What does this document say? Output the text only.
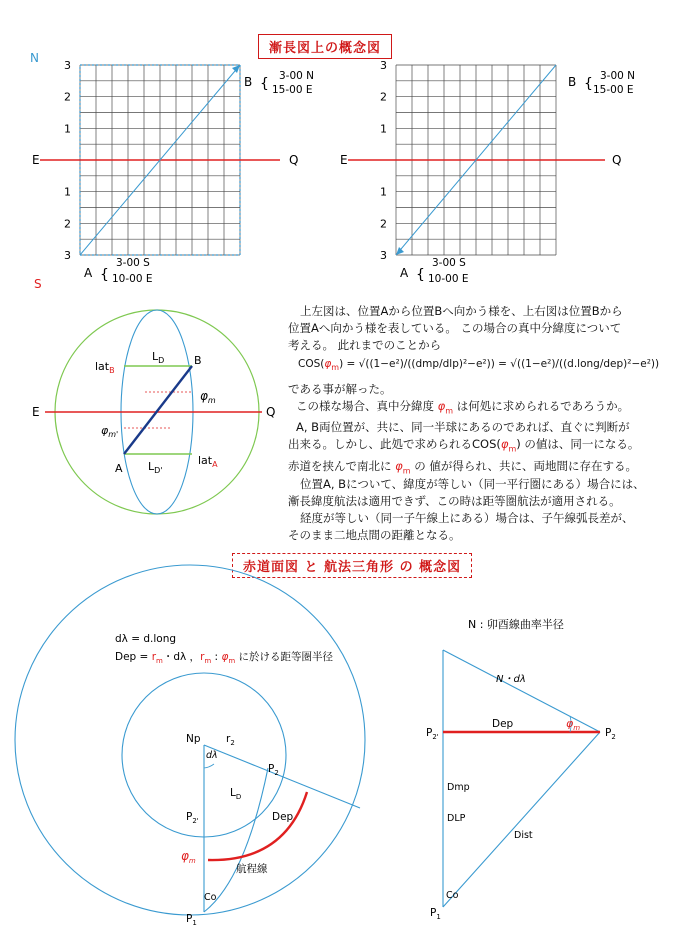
漸長図上の概念図
赤道面図 と 航法三角形 の 概念図
N
S
E	Q
3
2
1
1
2
3
B { 3-00 N
15-00 E
A {
3-00 S
10-00 E
E	Q
3
2
1
1
2
3
B { 3-00 N
15-00 E
A {
3-00 S
10-00 E
lat$_B$
$L_D$	B
$\varphi_m$
E	Q
$\varphi_{m'}$
A $L_{D'}$
lat$_A$
dλ = d.long
Dep = $r_m$・dλ ，$r_m$ : $\varphi_m$ に於ける距等圏半径
Np $r_2$
dλ
$P_2$
$L_D$
$P_{2'}$	Dep
$\varphi_m$
航程線
Co
$P_1$
N : 卯酉線曲率半径
N・dλ
$P_{2'}$
Dep	$\varphi_m$ $P_2$
Dmp
DLP
Dist
Co
$P_1$

上左図は、位置Aから位置Bへ向かう様を、上右図は位置Bから

位置Aへ向かう様を表している。 この場合の真中分緯度について

考える。 此れまでのことから

$COS(\varphi_m) = √((1-e^2)/((dmp/dlp)^2-e^2))$ = √((1−e²)/((d.long/dep)²−e²))

である事が解った。

この様な場合、真中分緯度 $\varphi_m$ は何処に求められるであろうか。

A, B両位置が、共に、同一半球にあるのであれば、直ぐに判断が

出来る。しかし、此処で求められる$COS(\varphi_m)$ の値は、同一になる。

赤道を挟んで南北に $\varphi_m$ の 値が得られ、共に、両地間に存在する。

位置A, Bについて、緯度が等しい（同一平行圏にある）場合には、

漸長緯度航法は適用できず、この時は距等圏航法が適用される。

経度が等しい（同一子午線上にある）場合は、子午線弧長差が、

そのまま二地点間の距離となる。
